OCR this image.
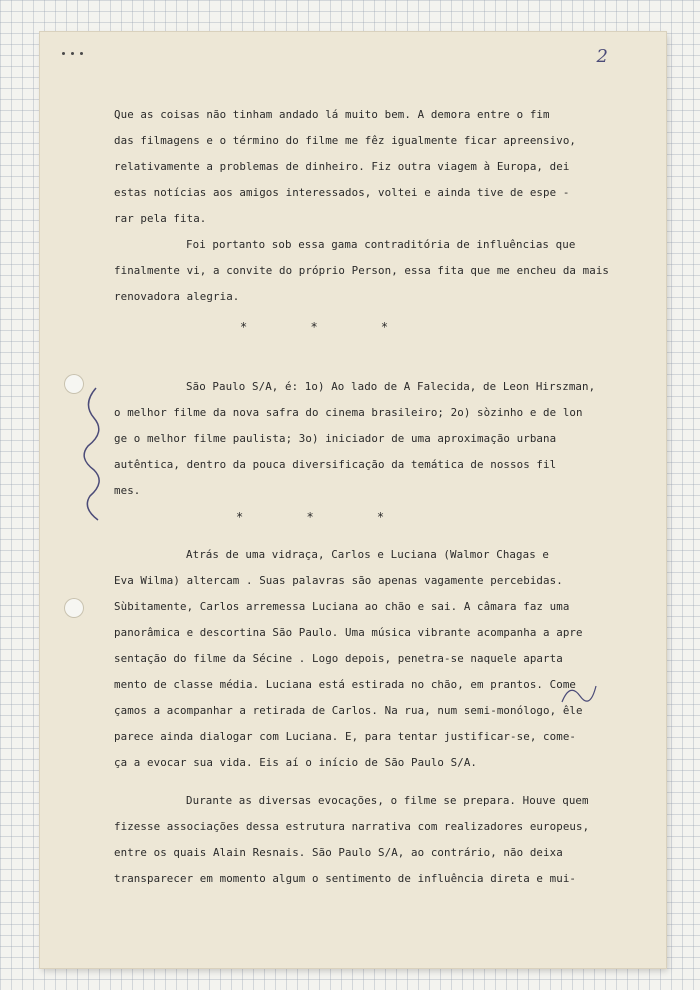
2
Que as coisas não tinham andado lá muito bem. A demora entre o fim
das filmagens e o término do filme me fêz igualmente ficar apreensivo,
relativamente a problemas de dinheiro. Fiz outra viagem à Europa, dei
estas notícias aos amigos interessados, voltei e ainda tive de espe -
rar pela fita.
Foi portanto sob essa gama contraditória de influências que
finalmente vi, a convite do próprio Person, essa fita que me encheu da mais
renovadora alegria.
* * *
São Paulo S/A, é: 1o) Ao lado de A Falecida, de Leon Hirszman,
o melhor filme da nova safra do cinema brasileiro; 2o) sòzinho e de lon
ge o melhor filme paulista; 3o) iniciador de uma aproximação urbana
autêntica, dentro da pouca diversificação da temática de nossos fil
mes.
* * *
Atrás de uma vidraça, Carlos e Luciana (Walmor Chagas e
Eva Wilma) altercam . Suas palavras são apenas vagamente percebidas.
Sùbitamente, Carlos arremessa Luciana ao chão e sai. A câmara faz uma
panorâmica e descortina São Paulo. Uma música vibrante acompanha a apre
sentação do filme da Sécine . Logo depois, penetra-se naquele aparta
mento de classe média. Luciana está estirada no chão, em prantos. Come
çamos a acompanhar a retirada de Carlos. Na rua, num semi-monólogo, êle
parece ainda dialogar com Luciana. E, para tentar justificar-se, come-
ça a evocar sua vida. Eis aí o início de São Paulo S/A.
Durante as diversas evocações, o filme se prepara. Houve quem
fizesse associações dessa estrutura narrativa com realizadores europeus,
entre os quais Alain Resnais. São Paulo S/A, ao contrário, não deixa
transparecer em momento algum o sentimento de influência direta e mui-
